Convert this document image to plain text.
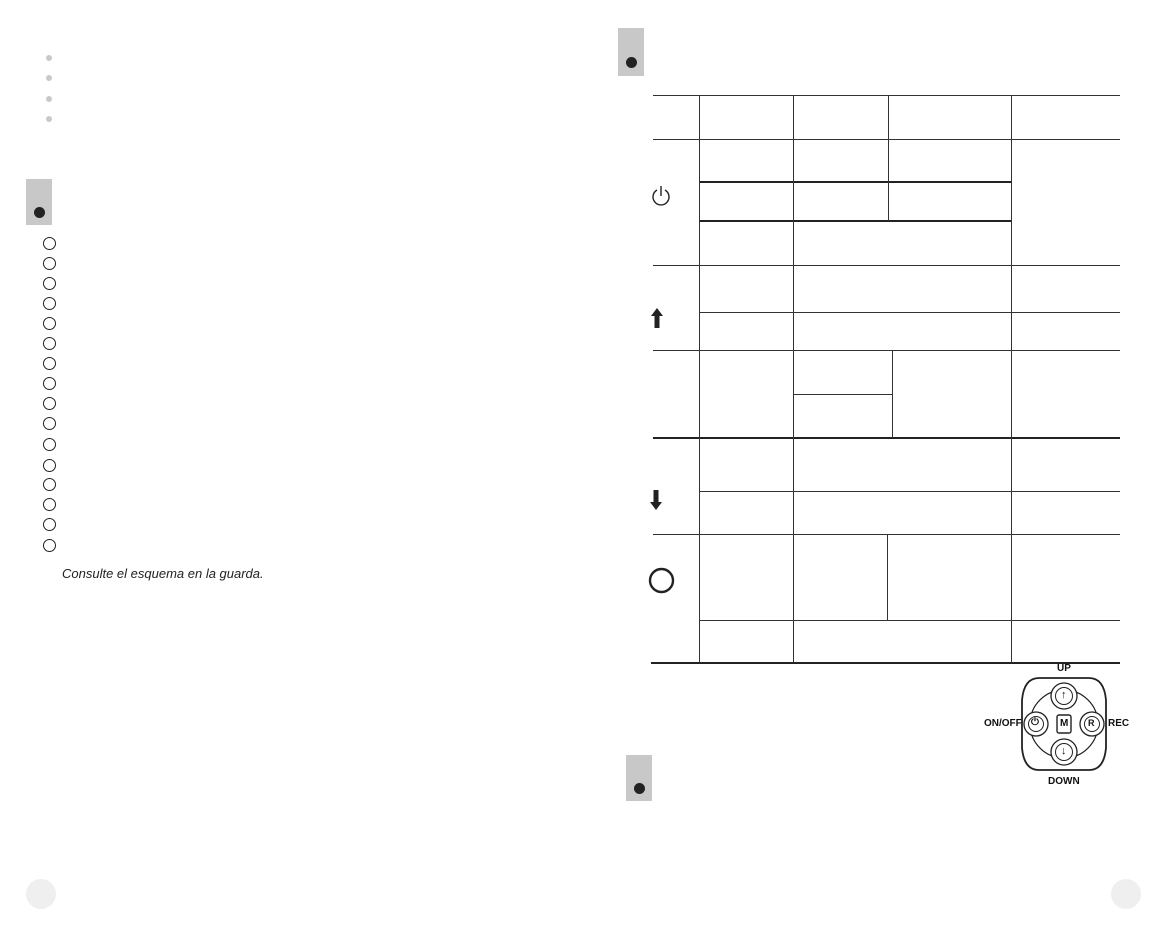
Consulte el esquema en la guarda.
↑
↓
⏻	R
M
UP
DOWN
ON/OFF	REC
